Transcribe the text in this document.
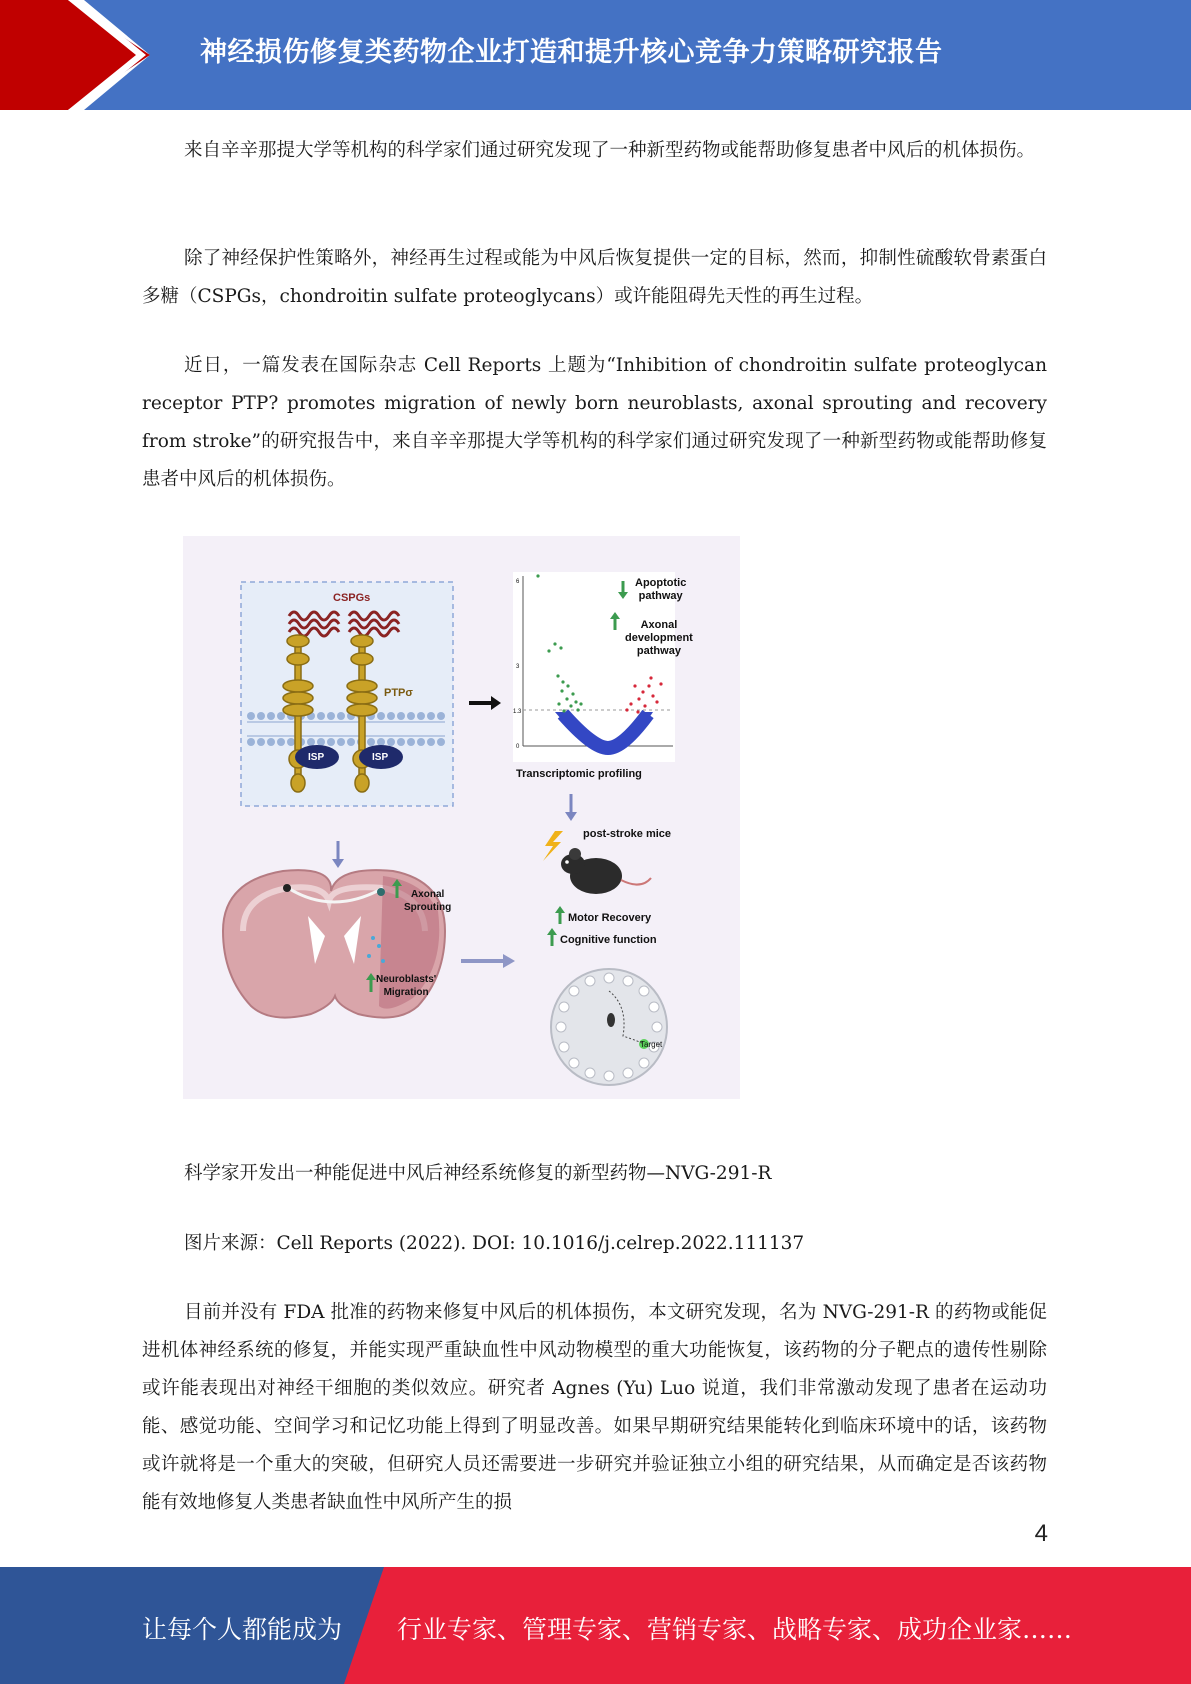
神经损伤修复类药物企业打造和提升核心竞争力策略研究报告

来自辛辛那提大学等机构的科学家们通过研究发现了一种新型药物或能帮助修复患者中风后的机体损伤。

除了神经保护性策略外，神经再生过程或能为中风后恢复提供一定的目标，然而，抑制性硫酸软骨素蛋白多糖（CSPGs，chondroitin sulfate proteoglycans）或许能阻碍先天性的再生过程。

近日，一篇发表在国际杂志 Cell Reports 上题为“Inhibition of chondroitin sulfate proteoglycan receptor PTP? promotes migration of newly born neuroblasts, axonal sprouting and recovery from stroke”的研究报告中，来自辛辛那提大学等机构的科学家们通过研究发现了一种新型药物或能帮助修复患者中风后的机体损伤。

CSPGs
PTPσ
ISP	ISP
Apoptotic
pathway
Axonal
development
pathway
Transcriptomic profiling
post-stroke mice
Axonal
Sprouting
Neuroblasts'
Migration
Motor Recovery
Cognitive function
Target
6
3
1.3
0

科学家开发出一种能促进中风后神经系统修复的新型药物—NVG-291-R

图片来源：Cell Reports (2022). DOI: 10.1016/j.celrep.2022.111137

目前并没有 FDA 批准的药物来修复中风后的机体损伤，本文研究发现，名为 NVG-291-R 的药物或能促进机体神经系统的修复，并能实现严重缺血性中风动物模型的重大功能恢复，该药物的分子靶点的遗传性剔除或许能表现出对神经干细胞的类似效应。研究者 Agnes (Yu) Luo 说道，我们非常激动发现了患者在运动功能、感觉功能、空间学习和记忆功能上得到了明显改善。如果早期研究结果能转化到临床环境中的话，该药物或许就将是一个重大的突破，但研究人员还需要进一步研究并验证独立小组的研究结果，从而确定是否该药物能有效地修复人类患者缺血性中风所产生的损

4
让每个人都能成为 行业专家、管理专家、营销专家、战略专家、成功企业家……
